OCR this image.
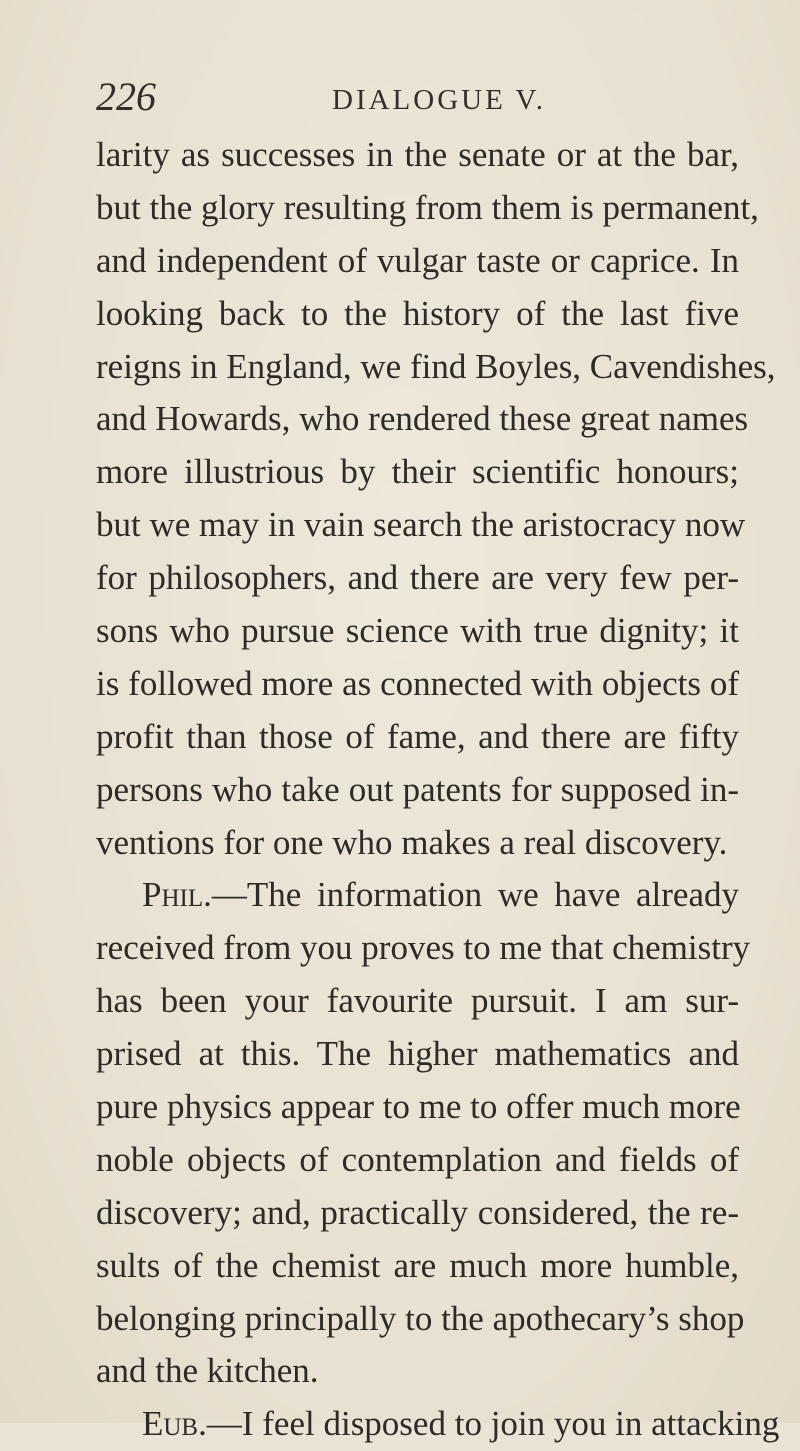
226	DIALOGUE V.
larity as successes in the senate or at the bar,
but the glory resulting from them is permanent,
and independent of vulgar taste or caprice. In
looking back to the history of the last five
reigns in England, we find Boyles, Cavendishes,
and Howards, who rendered these great names
more illustrious by their scientific honours;
but we may in vain search the aristocracy now
for philosophers, and there are very few per-
sons who pursue science with true dignity; it
is followed more as connected with objects of
profit than those of fame, and there are fifty
persons who take out patents for supposed in-
ventions for one who makes a real discovery.
Phil.—The information we have already
received from you proves to me that chemistry
has been your favourite pursuit. I am sur-
prised at this. The higher mathematics and
pure physics appear to me to offer much more
noble objects of contemplation and fields of
discovery; and, practically considered, the re-
sults of the chemist are much more humble,
belonging principally to the apothecary’s shop
and the kitchen.
Eub.—I feel disposed to join you in attacking
